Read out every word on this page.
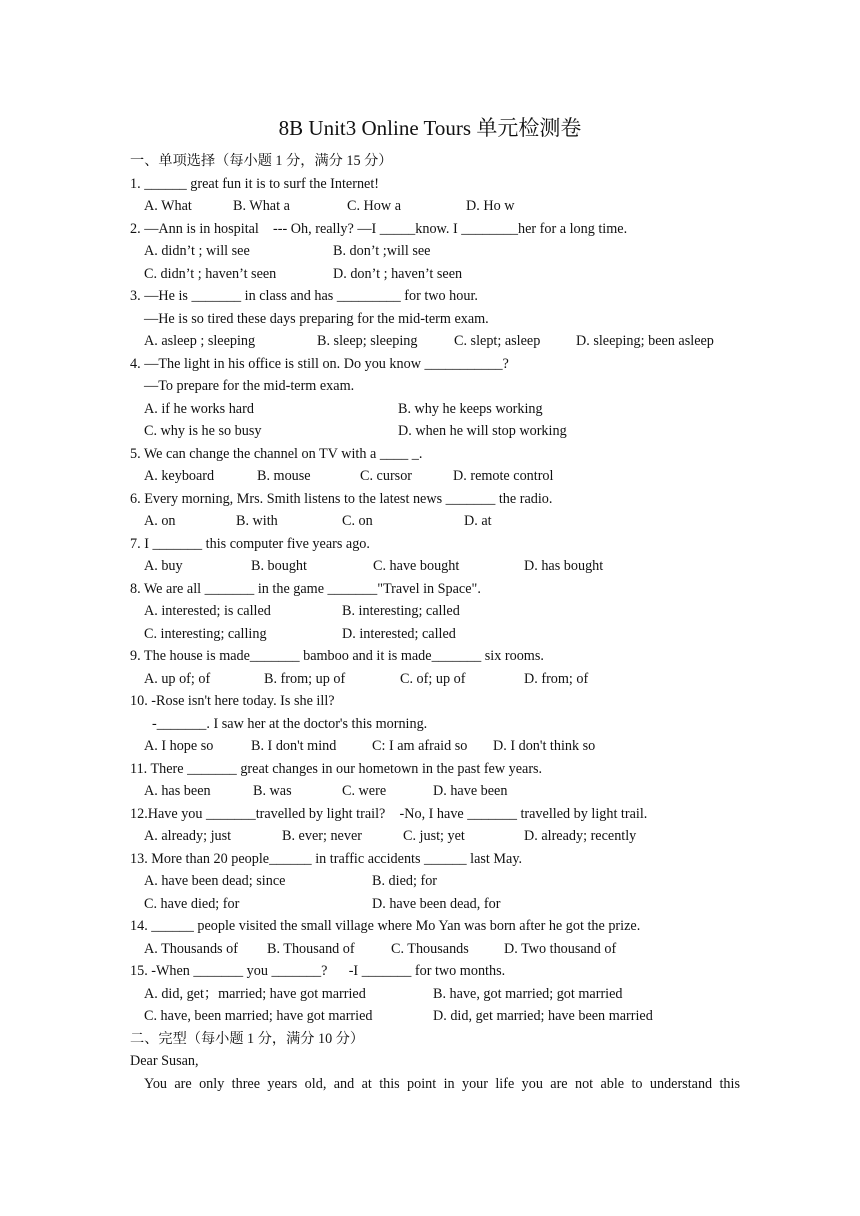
8B Unit3 Online Tours 单元检测卷
一、单项选择（每小题 1 分，满分 15 分）
1. ______ great fun it is to surf the Internet!

A. What

	B. What a

	C. How a

	D. Ho w

2. —Ann is in hospital    --- Oh, really? —I _____know. I ________her for a long time.

A. didn’t ; will see

	B. don’t ;will see

C. didn’t ; haven’t seen

	D. don’t ; haven’t seen

3. —He is _______ in class and has _________ for two hour.
—He is so tired these days preparing for the mid-term exam.

A. asleep ; sleeping

	B. sleep; sleeping

	C. slept; asleep

	D. sleeping; been asleep

4. —The light in his office is still on. Do you know ___________?
—To prepare for the mid-term exam.

A. if he works hard

	B. why he keeps working

C. why is he so busy

	D. when he will stop working

5. We can change the channel on TV with a ____ _.

A. keyboard

	B. mouse

	C. cursor

	D. remote control

6. Every morning, Mrs. Smith listens to the latest news _______ the radio.

A. on

	B. with

	C. on

	D. at

7. I _______ this computer five years ago.

A. buy

	B. bought

	C. have bought

	D. has bought

8. We are all _______ in the game _______"Travel in Space".

A. interested; is called

	B. interesting; called

C. interesting; calling

	D. interested; called

9. The house is made_______ bamboo and it is made_______ six rooms.

A. up of; of

	B. from; up of

	C. of; up of

	D. from; of

10. -Rose isn't here today. Is she ill?
-_______. I saw her at the doctor's this morning.

A. I hope so

	B. I don't mind

	C: I am afraid so

D. I don't think so

11. There _______ great changes in our hometown in the past few years.

A. has been

	B. was

	C. were

	D. have been

12.Have you _______travelled by light trail?    -No, I have _______ travelled by light trail.

A. already; just

	B. ever; never

	C. just; yet

	D. already; recently

13. More than 20 people______ in traffic accidents ______ last May.

A. have been dead; since

	B. died; for

C. have died; for

	D. have been dead, for

14. ______ people visited the small village where Mo Yan was born after he got the prize.

A. Thousands of

B. Thousand of

	C. Thousands

D. Two thousand of

15. -When _______ you _______?      -I _______ for two months.

A. did, get；married; have got married

	B. have, got married; got married

C. have, been married; have got married

	D. did, get married; have been married

二、完型（每小题 1 分，满分 10 分）
Dear Susan,
You are only three years old, and at this point in your life you are not able to understand this
